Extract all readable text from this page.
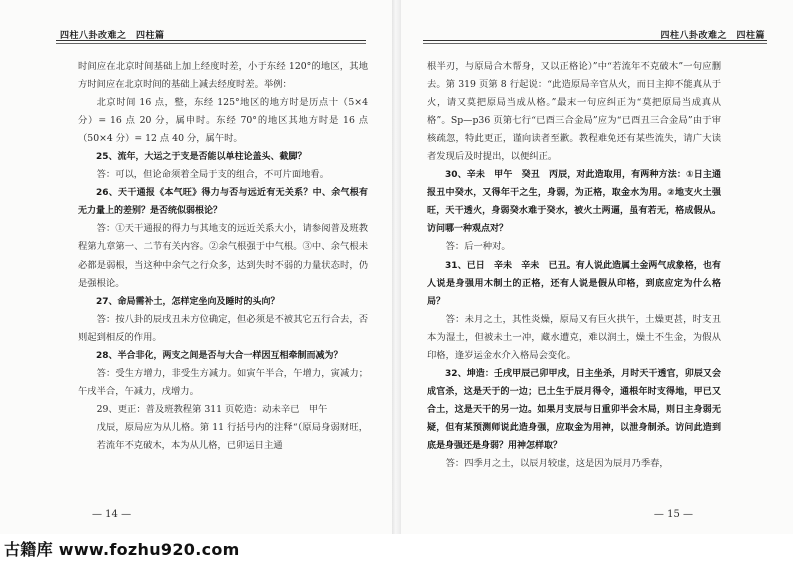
四柱八卦改难之　四柱篇

时间应在北京时间基础上加上经度时差，小于东经 120°的地区，其地方时间应在北京时间的基础上减去经度时差。举例：

北京时间 16 点，整，东经 125°地区的地方时是历点十（5×4 分）= 16 点 20 分，属申时。东经 70°的地区其地方时是 16 点（50×4 分）= 12 点 40 分，属午时。

25、流年，大运之于支是否能以单柱论盖头、截脚？

答：可以，但论命须着全局于支的组合，不可片面地看。

26、天干通报《本气旺》得力与否与远近有无关系？中、余气根有无力量上的差别？是否统似弱根论？

答：①天干通报的得力与其地支的远近关系大小，请参阅普及班教程第九章第一、二节有关内容。②余气根强于中气根。③中、余气根未必都是弱根，当这种中余气之行众多，达到失时不弱的力量状态时，仍是强根论。

27、命局需补土，怎样定坐向及睡时的头向？

答：按八卦的辰戌丑未方位确定，但必须是不被其它五行合去，否则起到相反的作用。

28、半合非化，两支之间是否与大合一样因互相牵制而减为？

答：受生方增力，非受生方减力。如寅午半合，午增力，寅减力；午戌半合，午减力，戌增力。

29、更正：普及班教程第 311 页乾造：动未辛已　甲午

戊辰，原局应为从儿格。第 11 行括号内的注释“（原局身弱财旺，若流年不克破木，本为从儿格，已卯运日主通

— 14 —
四柱八卦改难之　四柱篇

根半刃，与原局合木帮身，又以正格论）”中“若流年不克破木”一句应删去。第 319 页第 8 行起说：“此造原局辛官从火，而日主抑不能真从于火，请又莫把原局当成从格。”最末一句应纠正为“莫把原局当成真从格”。Sp—p36 页第七行“已酉三合金局”应为“已酉丑三合金局”由于审核疏忽，特此更正，谨向读者至歉。教程难免还有某些流失，请广大读者发现后及时提出，以便纠正。

30、辛未　甲午　癸丑　丙辰，对此造取用，有两种方法：①日主通报丑中癸水，又得年干之生，身弱，为正格，取金水为用。②地支火土强旺，天干透火，身弱癸水难于癸水，被火土两逼，虽有若无，格成假从。访问哪一种观点对？

答：后一种对。

31、已日　辛未　辛未　已丑。有人说此造属土金两气成象格，也有人说是身强用木制土的正格，还有人说是假从印格，到底应定为什么格局？

答：未月之土，其性炎燥，原局又有巨火拱午，土燥更甚，时支丑本为湿土，但被未土一冲，藏水遭克，难以润土，燥土不生金，为假从印格，逢岁运金水介入格局会变化。

32、坤造：壬戌甲辰己卯甲戌，日主坐杀，月时天干透官，卯辰又会成官杀，这是天于的一边；已土生于辰月得令，通根年时支得地，甲已又合土，这是天干的另一边。如果月支辰与日重卯半会木局，则日主身弱无疑，但有某预测师说此造身强，应取金为用神，以泄身制杀。访问此造到底是身强还是身弱？用神怎样取？

答：四季月之土，以辰月较虚，这是因为辰月乃季春，

— 15 —
古籍库 www.fozhu920.com
